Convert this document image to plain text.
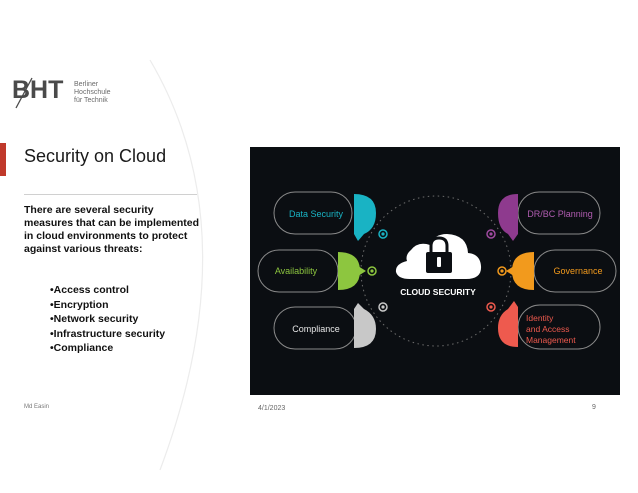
BHT Berliner
Hochschule
für Technik
Security on Cloud
There are several security measures that can be implemented in cloud environments to protect against various threats:
•Access control
•Encryption
•Network security
•Infrastructure security
•Compliance
CLOUD SECURITY
Data Security
Availability
Compliance
DR/BC Planning
Governance
Identity and Access Management
Md Easin	4/1/2023	9
